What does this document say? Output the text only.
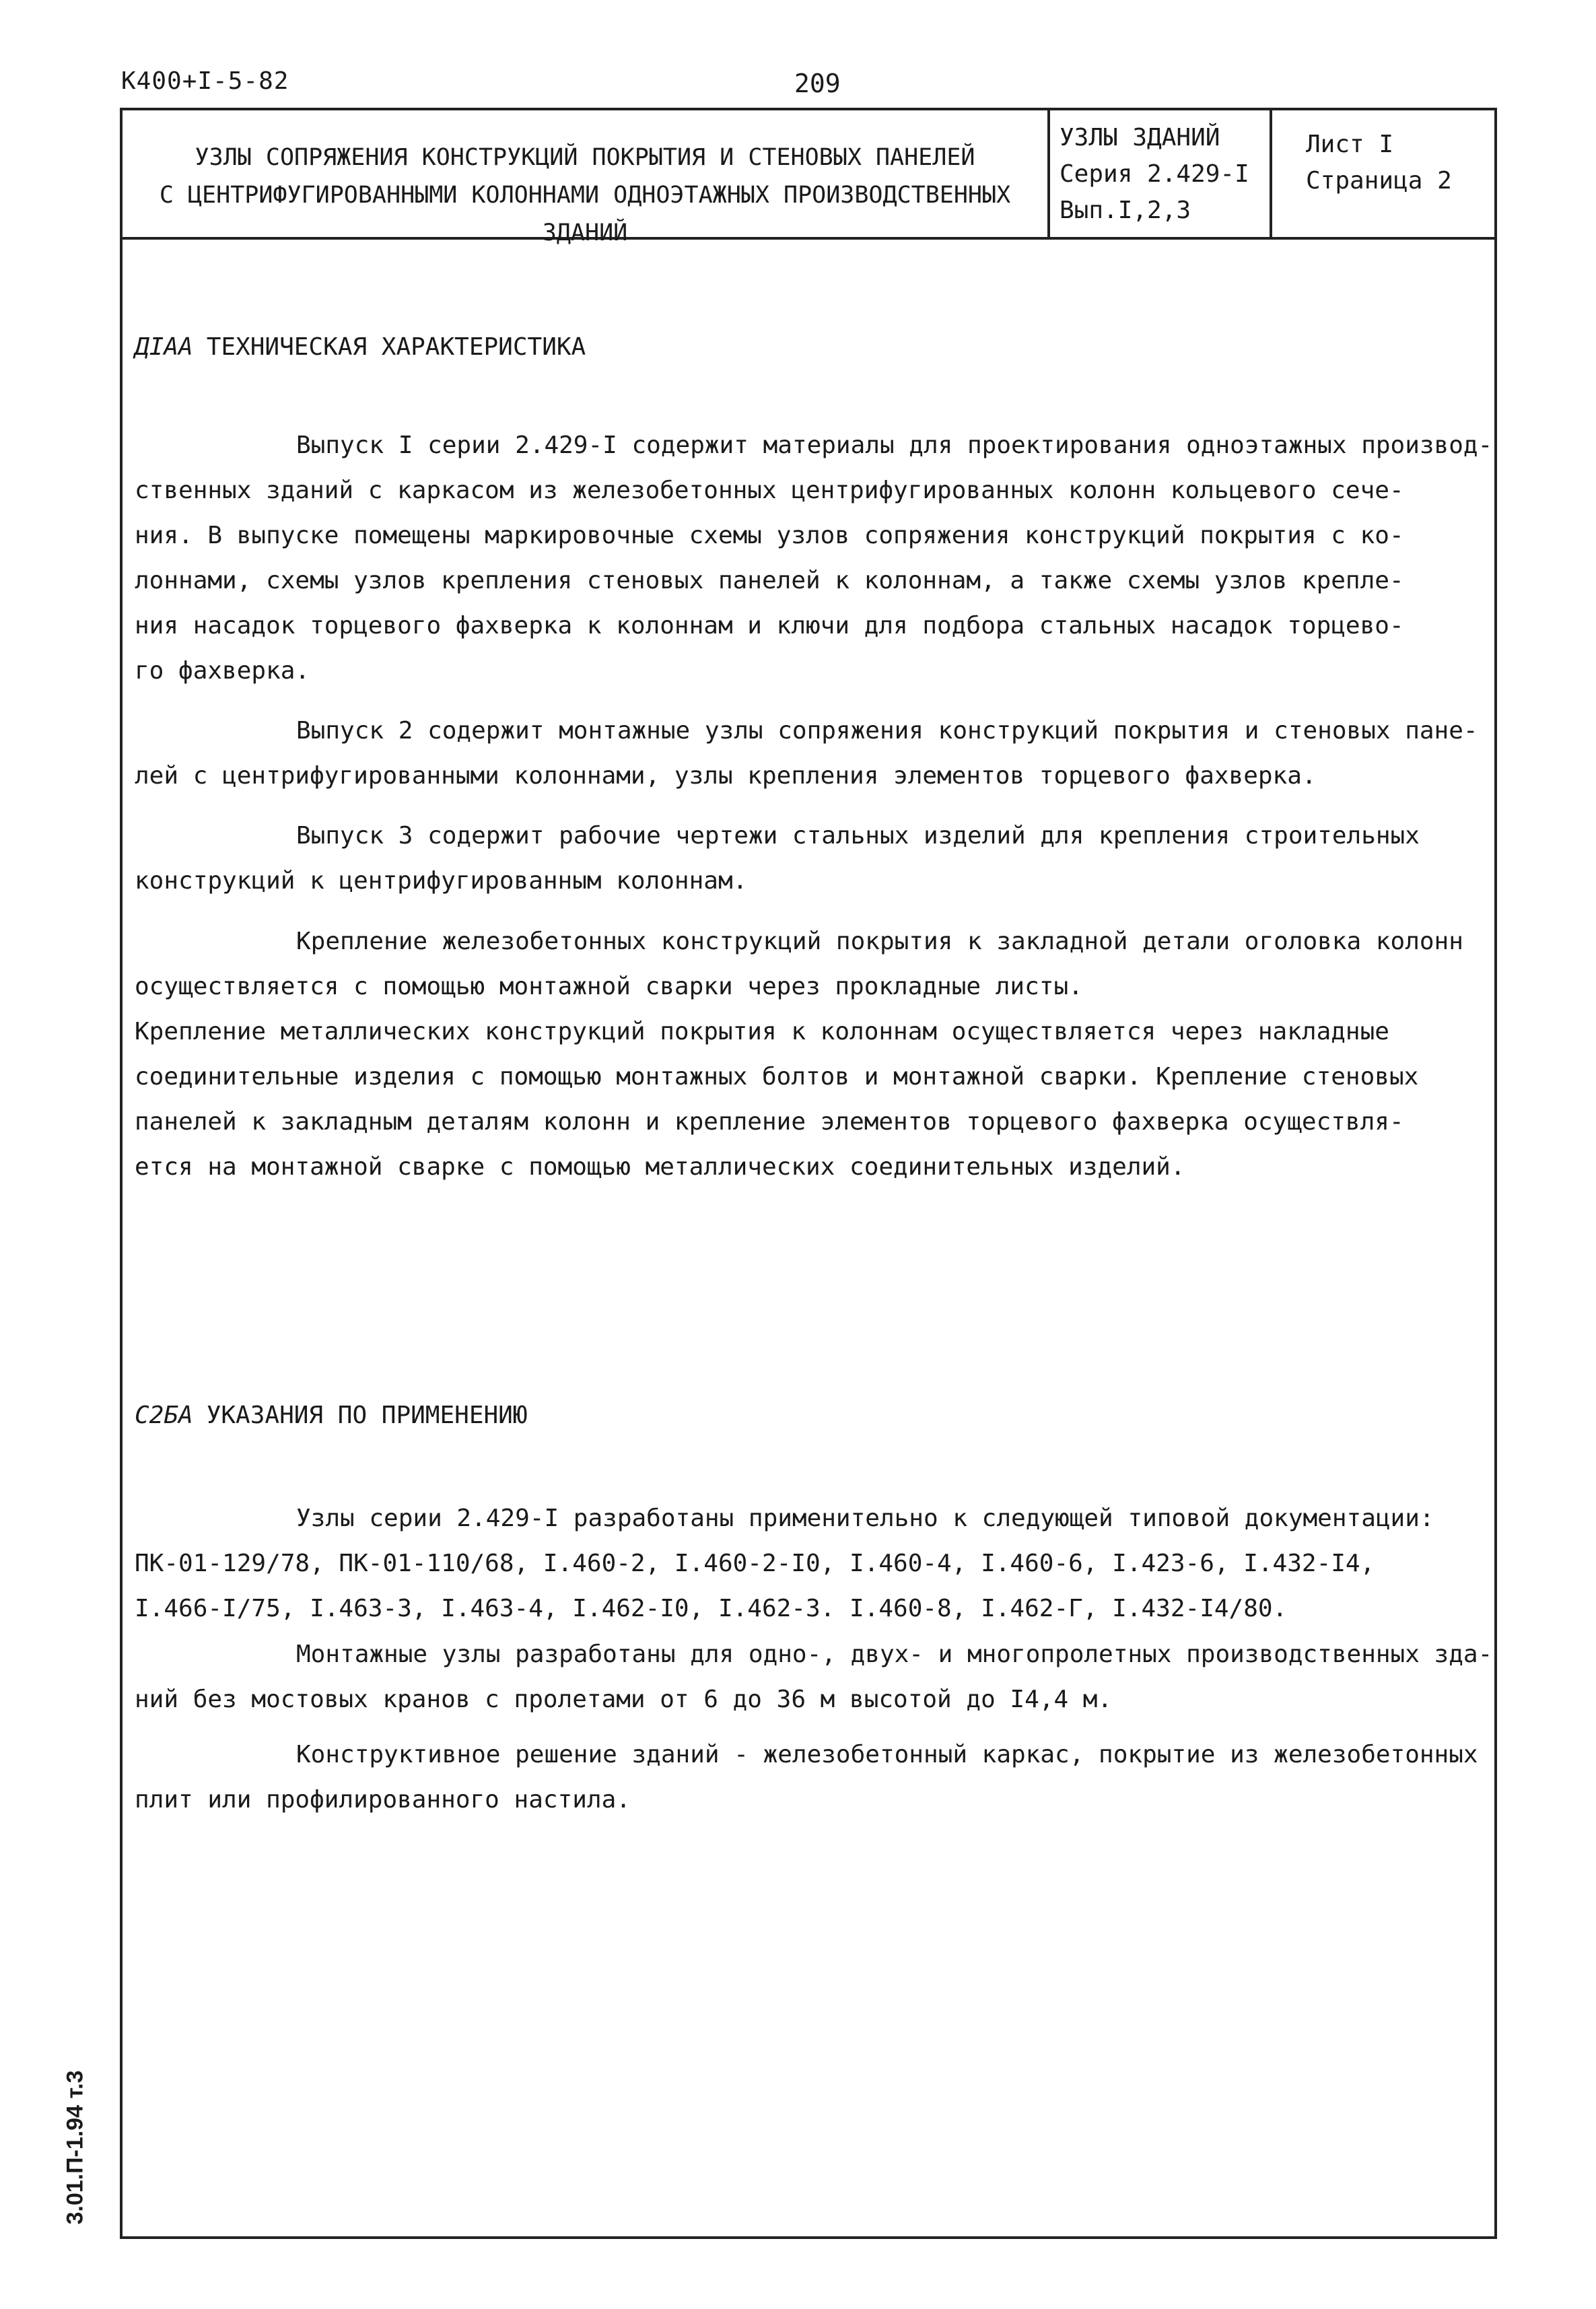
К400+I-5-82	209
УЗЛЫ СОПРЯЖЕНИЯ КОНСТРУКЦИЙ ПОКРЫТИЯ И СТЕНОВЫХ ПАНЕЛЕЙ
С ЦЕНТРИФУГИРОВАННЫМИ КОЛОННАМИ ОДНОЭТАЖНЫХ ПРОИЗВОДСТВЕННЫХ
ЗДАНИЙ
УЗЛЫ ЗДАНИЙ
Серия 2.429-I
Вып.I,2,3
Лист I
Страница 2
ДIАА ТЕХНИЧЕСКАЯ ХАРАКТЕРИСТИКА
Выпуск I серии 2.429-I содержит материалы для проектирования одноэтажных производ-
ственных зданий с каркасом из железобетонных центрифугированных колонн кольцевого сече-
ния. В выпуске помещены маркировочные схемы узлов сопряжения конструкций покрытия с ко-
лоннами, схемы узлов крепления стеновых панелей к колоннам, а также схемы узлов крепле-
ния насадок торцевого фахверка к колоннам и ключи для подбора стальных насадок торцево-
го фахверка.
Выпуск 2 содержит монтажные узлы сопряжения конструкций покрытия и стеновых пане-
лей с центрифугированными колоннами, узлы крепления элементов торцевого фахверка.
Выпуск 3 содержит рабочие чертежи стальных изделий для крепления строительных
конструкций к центрифугированным колоннам.
Крепление железобетонных конструкций покрытия к закладной детали оголовка колонн
осуществляется с помощью монтажной сварки через прокладные листы.
Крепление металлических конструкций покрытия к колоннам осуществляется через накладные
соединительные изделия с помощью монтажных болтов и монтажной сварки. Крепление стеновых
панелей к закладным деталям колонн и крепление элементов торцевого фахверка осуществля-
ется на монтажной сварке с помощью металлических соединительных изделий.
С2БА УКАЗАНИЯ ПО ПРИМЕНЕНИЮ
Узлы серии 2.429-I разработаны применительно к следующей типовой документации:
ПК-01-129/78, ПК-01-110/68, I.460-2, I.460-2-I0, I.460-4, I.460-6, I.423-6, I.432-I4,
I.466-I/75, I.463-3, I.463-4, I.462-I0, I.462-3. I.460-8, I.462-Г, I.432-I4/80.
Монтажные узлы разработаны для одно-, двух- и многопролетных производственных зда-
ний без мостовых кранов с пролетами от 6 до 36 м высотой до I4,4 м.
Конструктивное решение зданий - железобетонный каркас, покрытие из железобетонных
плит или профилированного настила.
3.01.П-1.94 т.3
